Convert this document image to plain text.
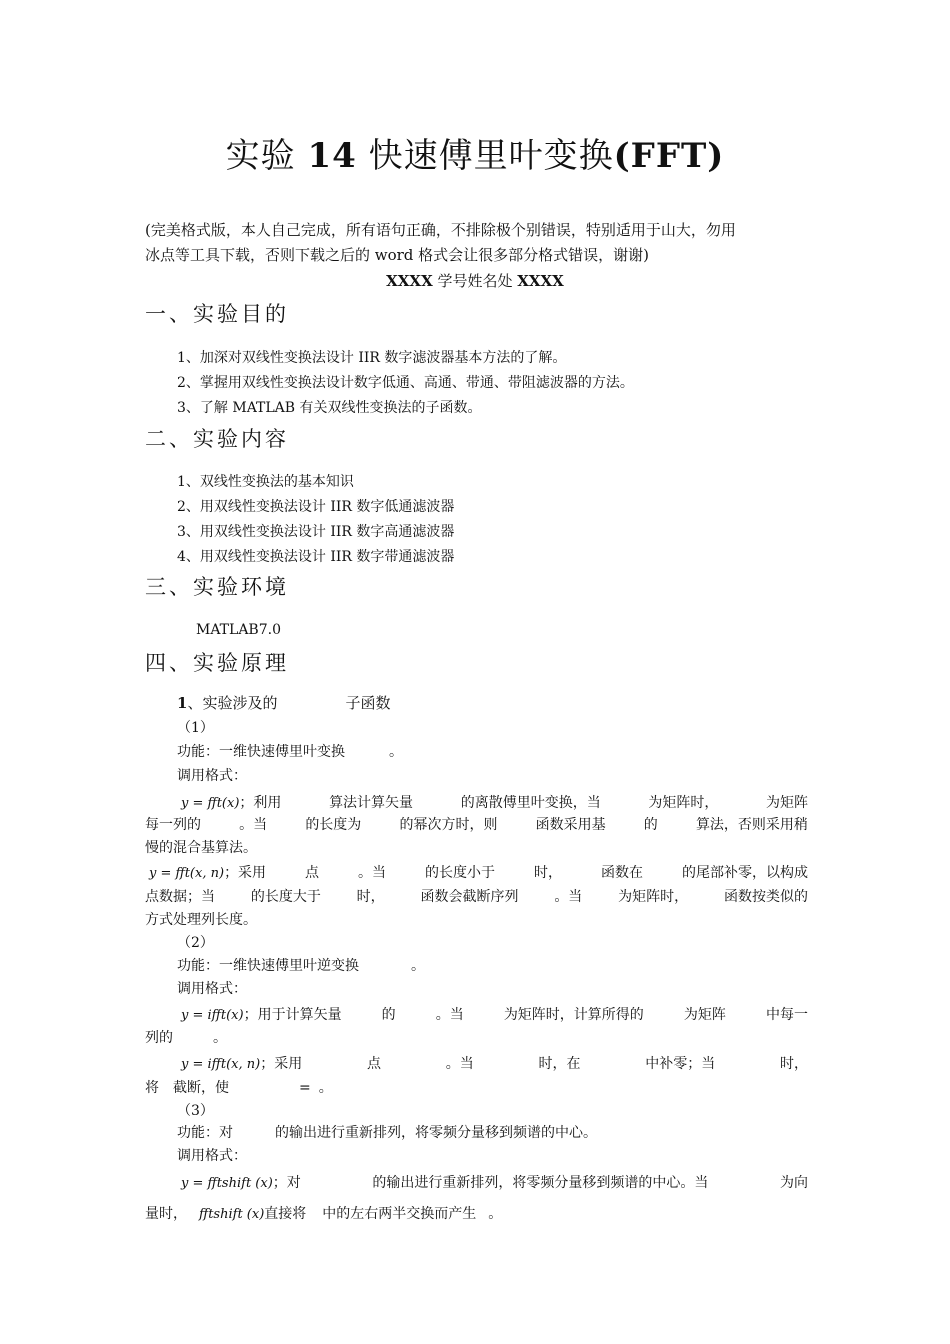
实验 14 快速傅里叶变换(FFT)
(完美格式版，本人自己完成，所有语句正确，不排除极个别错误，特别适用于山大，勿用
冰点等工具下载，否则下载之后的 word 格式会让很多部分格式错误，谢谢)
XXXX 学号姓名处 XXXX
一、实验目的
1、加深对双线性变换法设计 IIR 数字滤波器基本方法的了解。
2、掌握用双线性变换法设计数字低通、高通、带通、带阻滤波器的方法。
3、了解 MATLAB 有关双线性变换法的子函数。
二、实验内容
1、双线性变换法的基本知识
2、用双线性变换法设计 IIR 数字低通滤波器
3、用双线性变换法设计 IIR 数字高通滤波器
4、用双线性变换法设计 IIR 数字带通滤波器
三、实验环境
MATLAB7.0
四、实验原理
1、实验涉及的	子函数
（1）
功能：一维快速傅里叶变换	。
调用格式：
y = fft(x)；利用	算法计算矢量	的离散傅里叶变换，当	为矩阵时，	为矩阵
每一列的	。当	的长度为	的幂次方时，则	函数采用基	的	算法，否则采用稍
慢的混合基算法。
y = fft(x, n)；采用	点	。当	的长度小于	时，	函数在	的尾部补零，以构成
点数据；当	的长度大于	时，	函数会截断序列	。当	为矩阵时，	函数按类似的
方式处理列长度。
（2）
功能：一维快速傅里叶逆变换	。
调用格式：
y = ifft(x)；用于计算矢量	的	。当	为矩阵时，计算所得的	为矩阵	中每一
列的	。
y = ifft(x, n)；采用	点	。当	时，在	中补零；当	时，
将 截断，使	= 。
（3）
功能：对	的输出进行重新排列，将零频分量移到频谱的中心。
调用格式：
y = fftshift (x)；对	的输出进行重新排列，将零频分量移到频谱的中心。当	为向
量时， fftshift (x)直接将 中的左右两半交换而产生 。
